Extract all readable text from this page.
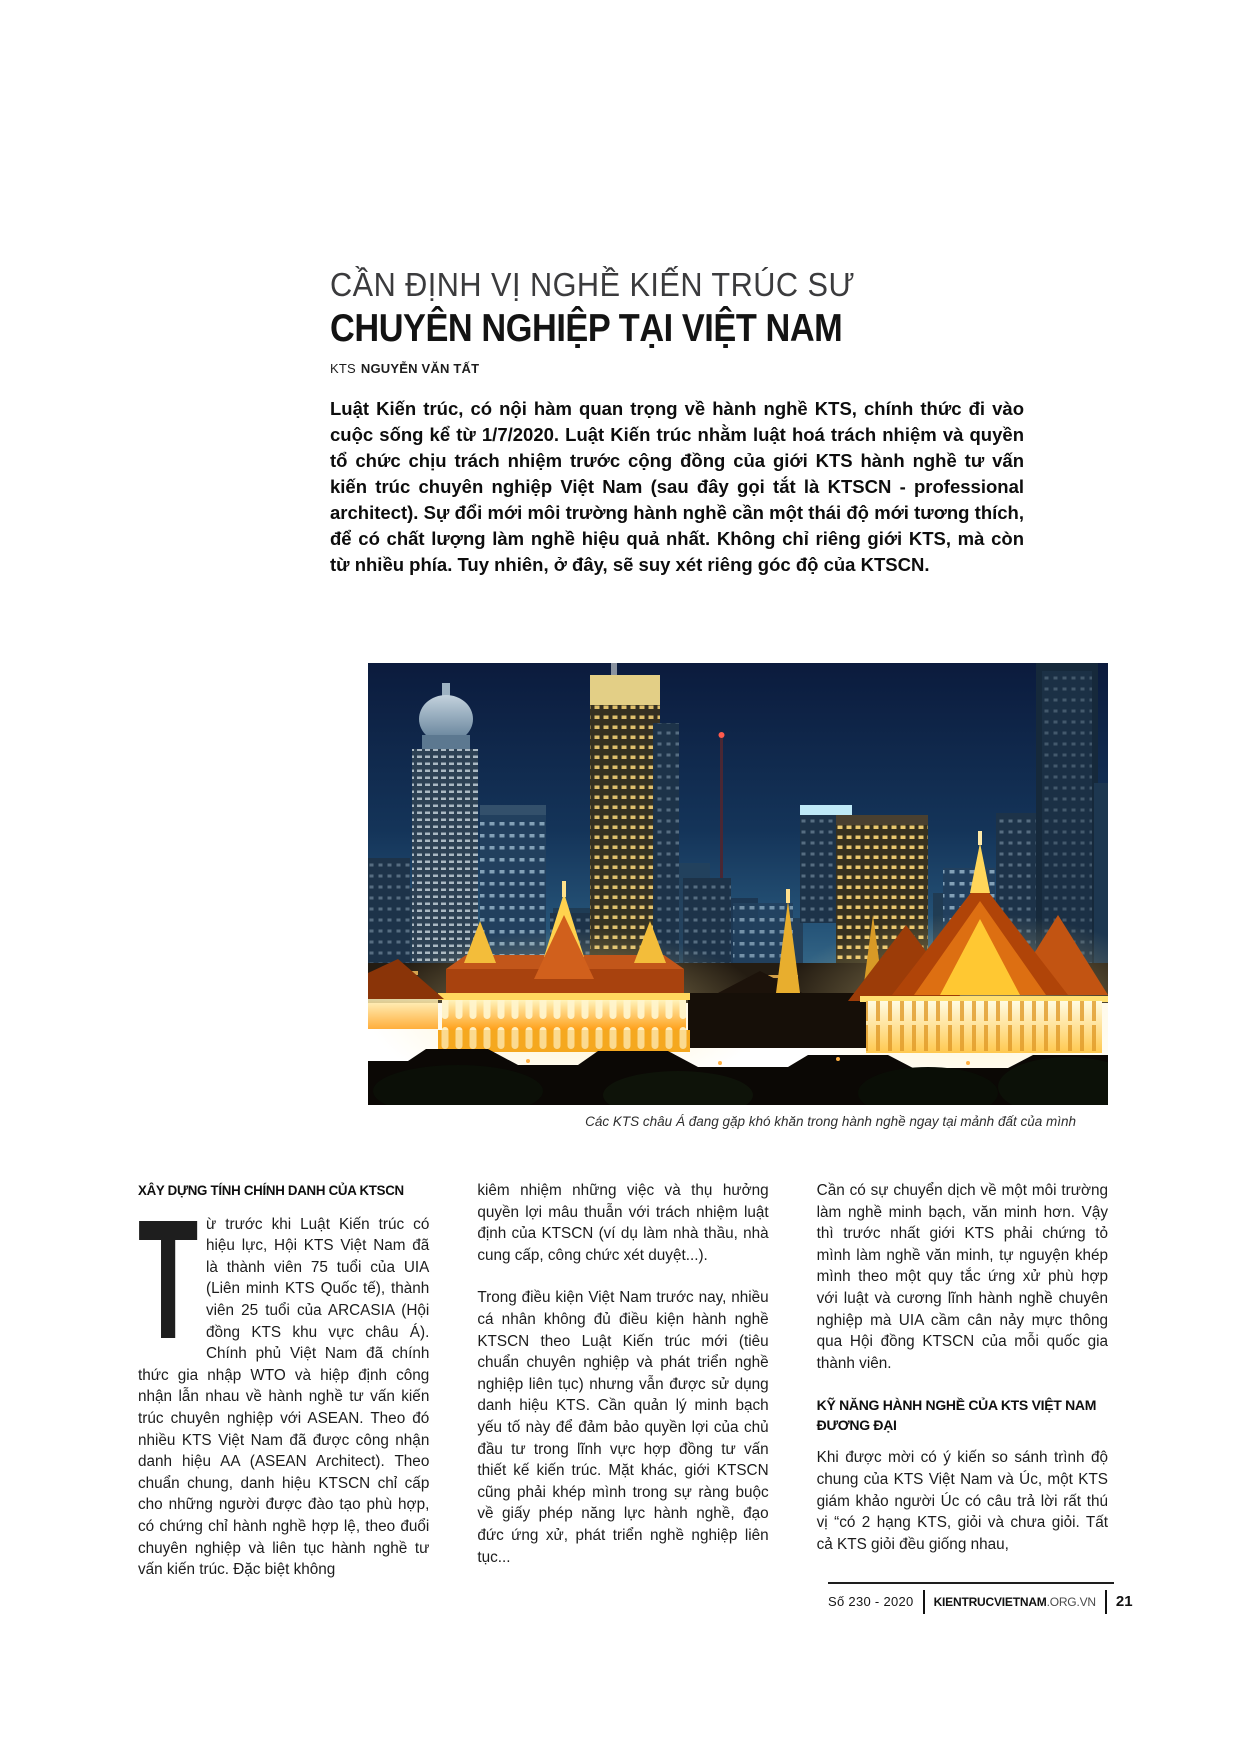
CẦN ĐỊNH VỊ NGHỀ KIẾN TRÚC SƯ
CHUYÊN NGHIỆP TẠI VIỆT NAM
KTS NGUYỄN VĂN TẤT

Luật Kiến trúc, có nội hàm quan trọng về hành nghề KTS, chính thức đi vào cuộc sống kể từ 1/7/2020. Luật Kiến trúc nhằm luật hoá trách nhiệm và quyền tổ chức chịu trách nhiệm trước cộng đồng của giới KTS hành nghề tư vấn kiến trúc chuyên nghiệp Việt Nam (sau đây gọi tắt là KTSCN - professional architect). Sự đổi mới môi trường hành nghề cần một thái độ mới tương thích, để có chất lượng làm nghề hiệu quả nhất. Không chỉ riêng giới KTS, mà còn từ nhiều phía. Tuy nhiên, ở đây, sẽ suy xét riêng góc độ của KTSCN.

Các KTS châu Á đang gặp khó khăn trong hành nghề ngay tại mảnh đất của mình
XÂY DỰNG TÍNH CHÍNH DANH CỦA KTSCN

Từ trước khi Luật Kiến trúc có hiệu lực, Hội KTS Việt Nam đã là thành viên 75 tuổi của UIA (Liên minh KTS Quốc tế), thành viên 25 tuổi của ARCASIA (Hội đồng KTS khu vực châu Á). Chính phủ Việt Nam đã chính thức gia nhập WTO và hiệp định công nhận lẫn nhau về hành nghề tư vấn kiến trúc chuyên nghiệp với ASEAN. Theo đó nhiều KTS Việt Nam đã được công nhận danh hiệu AA (ASEAN Architect). Theo chuẩn chung, danh hiệu KTSCN chỉ cấp cho những người được đào tạo phù hợp, có chứng chỉ hành nghề hợp lệ, theo đuổi chuyên nghiệp và liên tục hành nghề tư vấn kiến trúc. Đặc biệt không

kiêm nhiệm những việc và thụ hưởng quyền lợi mâu thuẫn với trách nhiệm luật định của KTSCN (ví dụ làm nhà thầu, nhà cung cấp, công chức xét duyệt...).

Trong điều kiện Việt Nam trước nay, nhiều cá nhân không đủ điều kiện hành nghề KTSCN theo Luật Kiến trúc mới (tiêu chuẩn chuyên nghiệp và phát triển nghề nghiệp liên tục) nhưng vẫn được sử dụng danh hiệu KTS. Cần quản lý minh bạch yếu tố này để đảm bảo quyền lợi của chủ đầu tư trong lĩnh vực hợp đồng tư vấn thiết kế kiến trúc. Mặt khác, giới KTSCN cũng phải khép mình trong sự ràng buộc về giấy phép năng lực hành nghề, đạo đức ứng xử, phát triển nghề nghiệp liên tục...

Cần có sự chuyển dịch về một môi trường làm nghề minh bạch, văn minh hơn. Vậy thì trước nhất giới KTS phải chứng tỏ mình làm nghề văn minh, tự nguyện khép mình theo một quy tắc ứng xử phù hợp với luật và cương lĩnh hành nghề chuyên nghiệp mà UIA cầm cân nảy mực thông qua Hội đồng KTSCN của mỗi quốc gia thành viên.

KỸ NĂNG HÀNH NGHỀ CỦA KTS VIỆT NAM ĐƯƠNG ĐẠI

Khi được mời có ý kiến so sánh trình độ chung của KTS Việt Nam và Úc, một KTS giám khảo người Úc có câu trả lời rất thú vị “có 2 hạng KTS, giỏi và chưa giỏi. Tất cả KTS giỏi đều giống nhau,

Số 230 - 2020 KIENTRUCVIETNAM.ORG.VN 21
